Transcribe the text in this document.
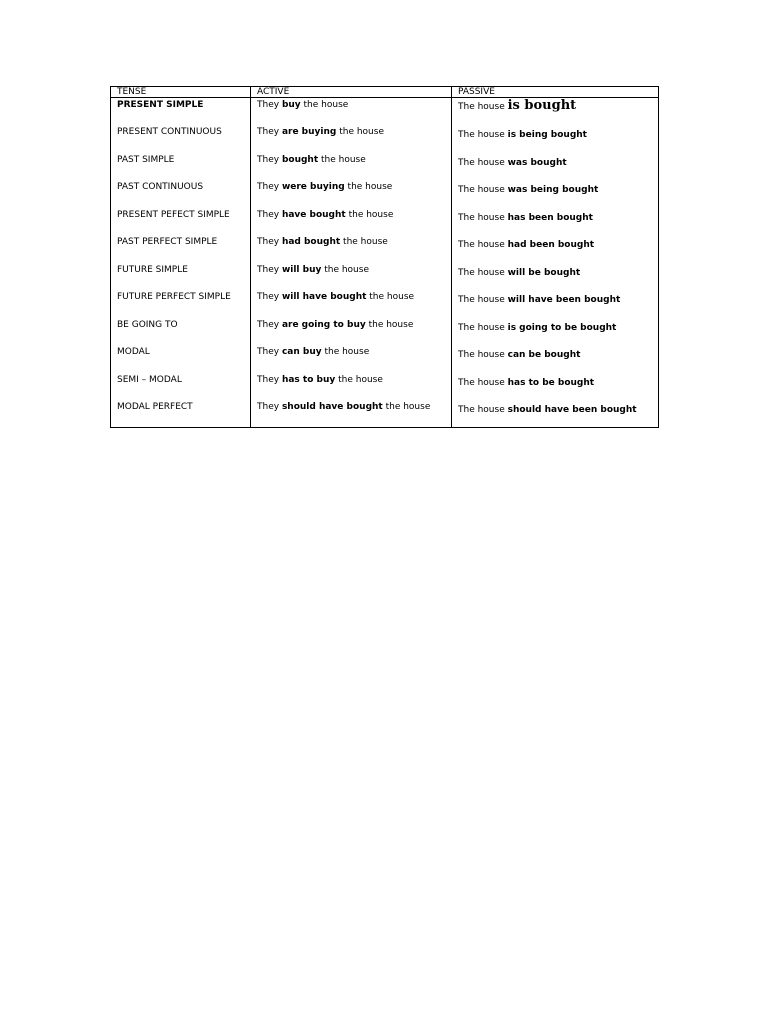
TENSE	ACTIVE	PASSIVE
PRESENT SIMPLE	They buy the house	The house is bought
PRESENT CONTINUOUS	They are buying the house	The house is being bought
PAST SIMPLE	They bought the house	The house was bought
PAST CONTINUOUS	They were buying the house	The house was being bought
PRESENT PEFECT SIMPLE	They have bought the house	The house has been bought
PAST PERFECT SIMPLE	They had bought the house	The house had been bought
FUTURE SIMPLE	They will buy the house	The house will be bought
FUTURE PERFECT SIMPLE	They will have bought the house	The house will have been bought
BE GOING TO	They are going to buy the house	The house is going to be bought
MODAL	They can buy the house	The house can be bought
SEMI – MODAL	They has to buy the house	The house has to be bought
MODAL PERFECT	They should have bought the house	The house should have been bought
